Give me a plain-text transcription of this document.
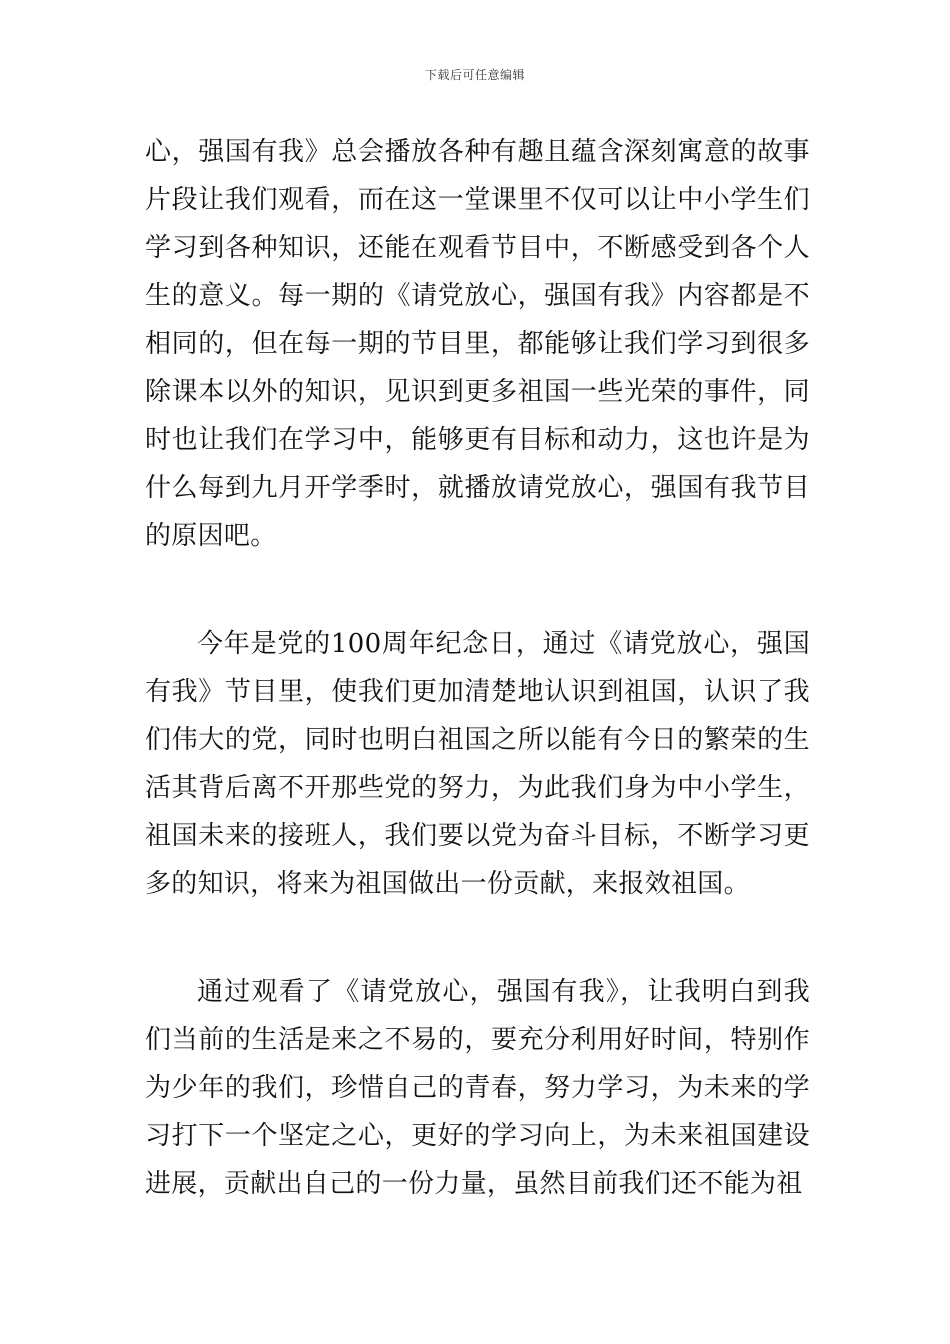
下载后可任意编辑

心，强国有我》总会播放各种有趣且蕴含深刻寓意的故事片段让我们观看，而在这一堂课里不仅可以让中小学生们学习到各种知识，还能在观看节目中，不断感受到各个人生的意义。每一期的《请党放心，强国有我》内容都是不相同的，但在每一期的节目里，都能够让我们学习到很多除课本以外的知识，见识到更多祖国一些光荣的事件，同时也让我们在学习中，能够更有目标和动力，这也许是为什么每到九月开学季时，就播放请党放心，强国有我节目的原因吧。

今年是党的100周年纪念日，通过《请党放心，强国有我》节目里，使我们更加清楚地认识到祖国，认识了我们伟大的党，同时也明白祖国之所以能有今日的繁荣的生活其背后离不开那些党的努力，为此我们身为中小学生，祖国未来的接班人，我们要以党为奋斗目标，不断学习更多的知识，将来为祖国做出一份贡献，来报效祖国。

通过观看了《请党放心，强国有我》，让我明白到我们当前的生活是来之不易的，要充分利用好时间，特别作为少年的我们，珍惜自己的青春，努力学习，为未来的学习打下一个坚定之心，更好的学习向上，为未来祖国建设进展，贡献出自己的一份力量，虽然目前我们还不能为祖
